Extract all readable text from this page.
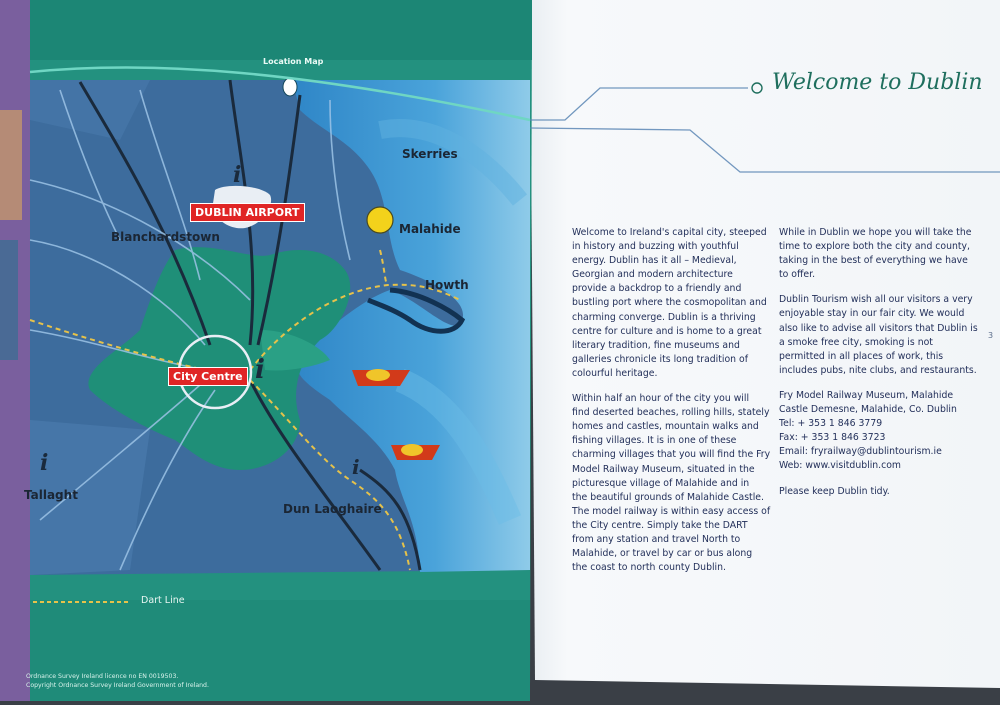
i
i
i	i
Location Map
Skerries
Malahide
Howth
Blanchardstown
Tallaght
Dun Laoghaire
DUBLIN AIRPORT
City Centre
Dart Line
Ordnance Survey Ireland licence no EN 0019503.
Copyright Ordnance Survey Ireland Government of Ireland.
Welcome to Dublin
3

Welcome to Ireland's capital city, steeped
in history and buzzing with youthful
energy. Dublin has it all – Medieval,
Georgian and modern architecture
provide a backdrop to a friendly and
bustling port where the cosmopolitan and
charming converge. Dublin is a thriving
centre for culture and is home to a great
literary tradition, fine museums and
galleries chronicle its long tradition of
colourful heritage.

Within half an hour of the city you will
find deserted beaches, rolling hills, stately
homes and castles, mountain walks and
fishing villages. It is in one of these
charming villages that you will find the Fry
Model Railway Museum, situated in the
picturesque village of Malahide and in
the beautiful grounds of Malahide Castle.
The model railway is within easy access of
the City centre. Simply take the DART
from any station and travel North to
Malahide, or travel by car or bus along
the coast to north county Dublin.

While in Dublin we hope you will take the
time to explore both the city and county,
taking in the best of everything we have
to offer.

Dublin Tourism wish all our visitors a very
enjoyable stay in our fair city. We would
also like to advise all visitors that Dublin is
a smoke free city, smoking is not
permitted in all places of work, this
includes pubs, nite clubs, and restaurants.

Fry Model Railway Museum, Malahide
Castle Demesne, Malahide, Co. Dublin
Tel: + 353 1 846 3779
Fax: + 353 1 846 3723
Email: fryrailway@dublintourism.ie
Web: www.visitdublin.com

Please keep Dublin tidy.
